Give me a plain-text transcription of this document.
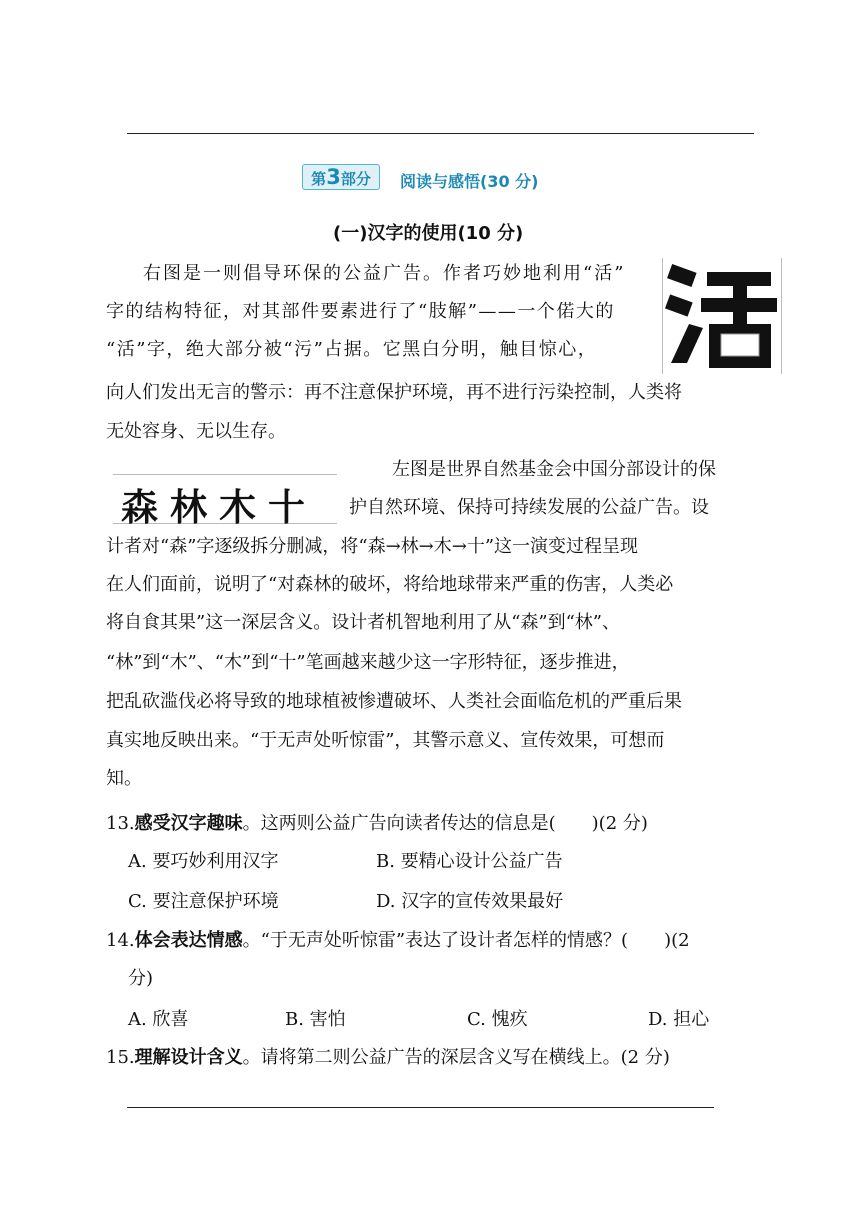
第3部分	阅读与感悟(30 分)
(一)汉字的使用(10 分)
右图是一则倡导环保的公益广告。作者巧妙地利用“活”
字的结构特征，对其部件要素进行了“肢解”——一个偌大的
“活”字，绝大部分被“污”占据。它黑白分明，触目惊心，
向人们发出无言的警示：再不注意保护环境，再不进行污染控制，人类将
无处容身、无以生存。
森林木十
左图是世界自然基金会中国分部设计的保
护自然环境、保持可持续发展的公益广告。设
计者对“森”字逐级拆分删减，将“森→林→木→十”这一演变过程呈现
在人们面前，说明了“对森林的破坏，将给地球带来严重的伤害，人类必
将自食其果”这一深层含义。设计者机智地利用了从“森”到“林”、
“林”到“木”、“木”到“十”笔画越来越少这一字形特征，逐步推进，
把乱砍滥伐必将导致的地球植被惨遭破坏、人类社会面临危机的严重后果
真实地反映出来。“于无声处听惊雷”，其警示意义、宣传效果，可想而
知。
13.感受汉字趣味。这两则公益广告向读者传达的信息是(　　)(2 分)
14.体会表达情感。“于无声处听惊雷”表达了设计者怎样的情感？(　　)(2
15.理解设计含义。请将第二则公益广告的深层含义写在横线上。(2 分)
分)
A. 要巧妙利用汉字	B. 要精心设计公益广告
C. 要注意保护环境	D. 汉字的宣传效果最好
A. 欣喜	B. 害怕	C. 愧疚	D. 担心
